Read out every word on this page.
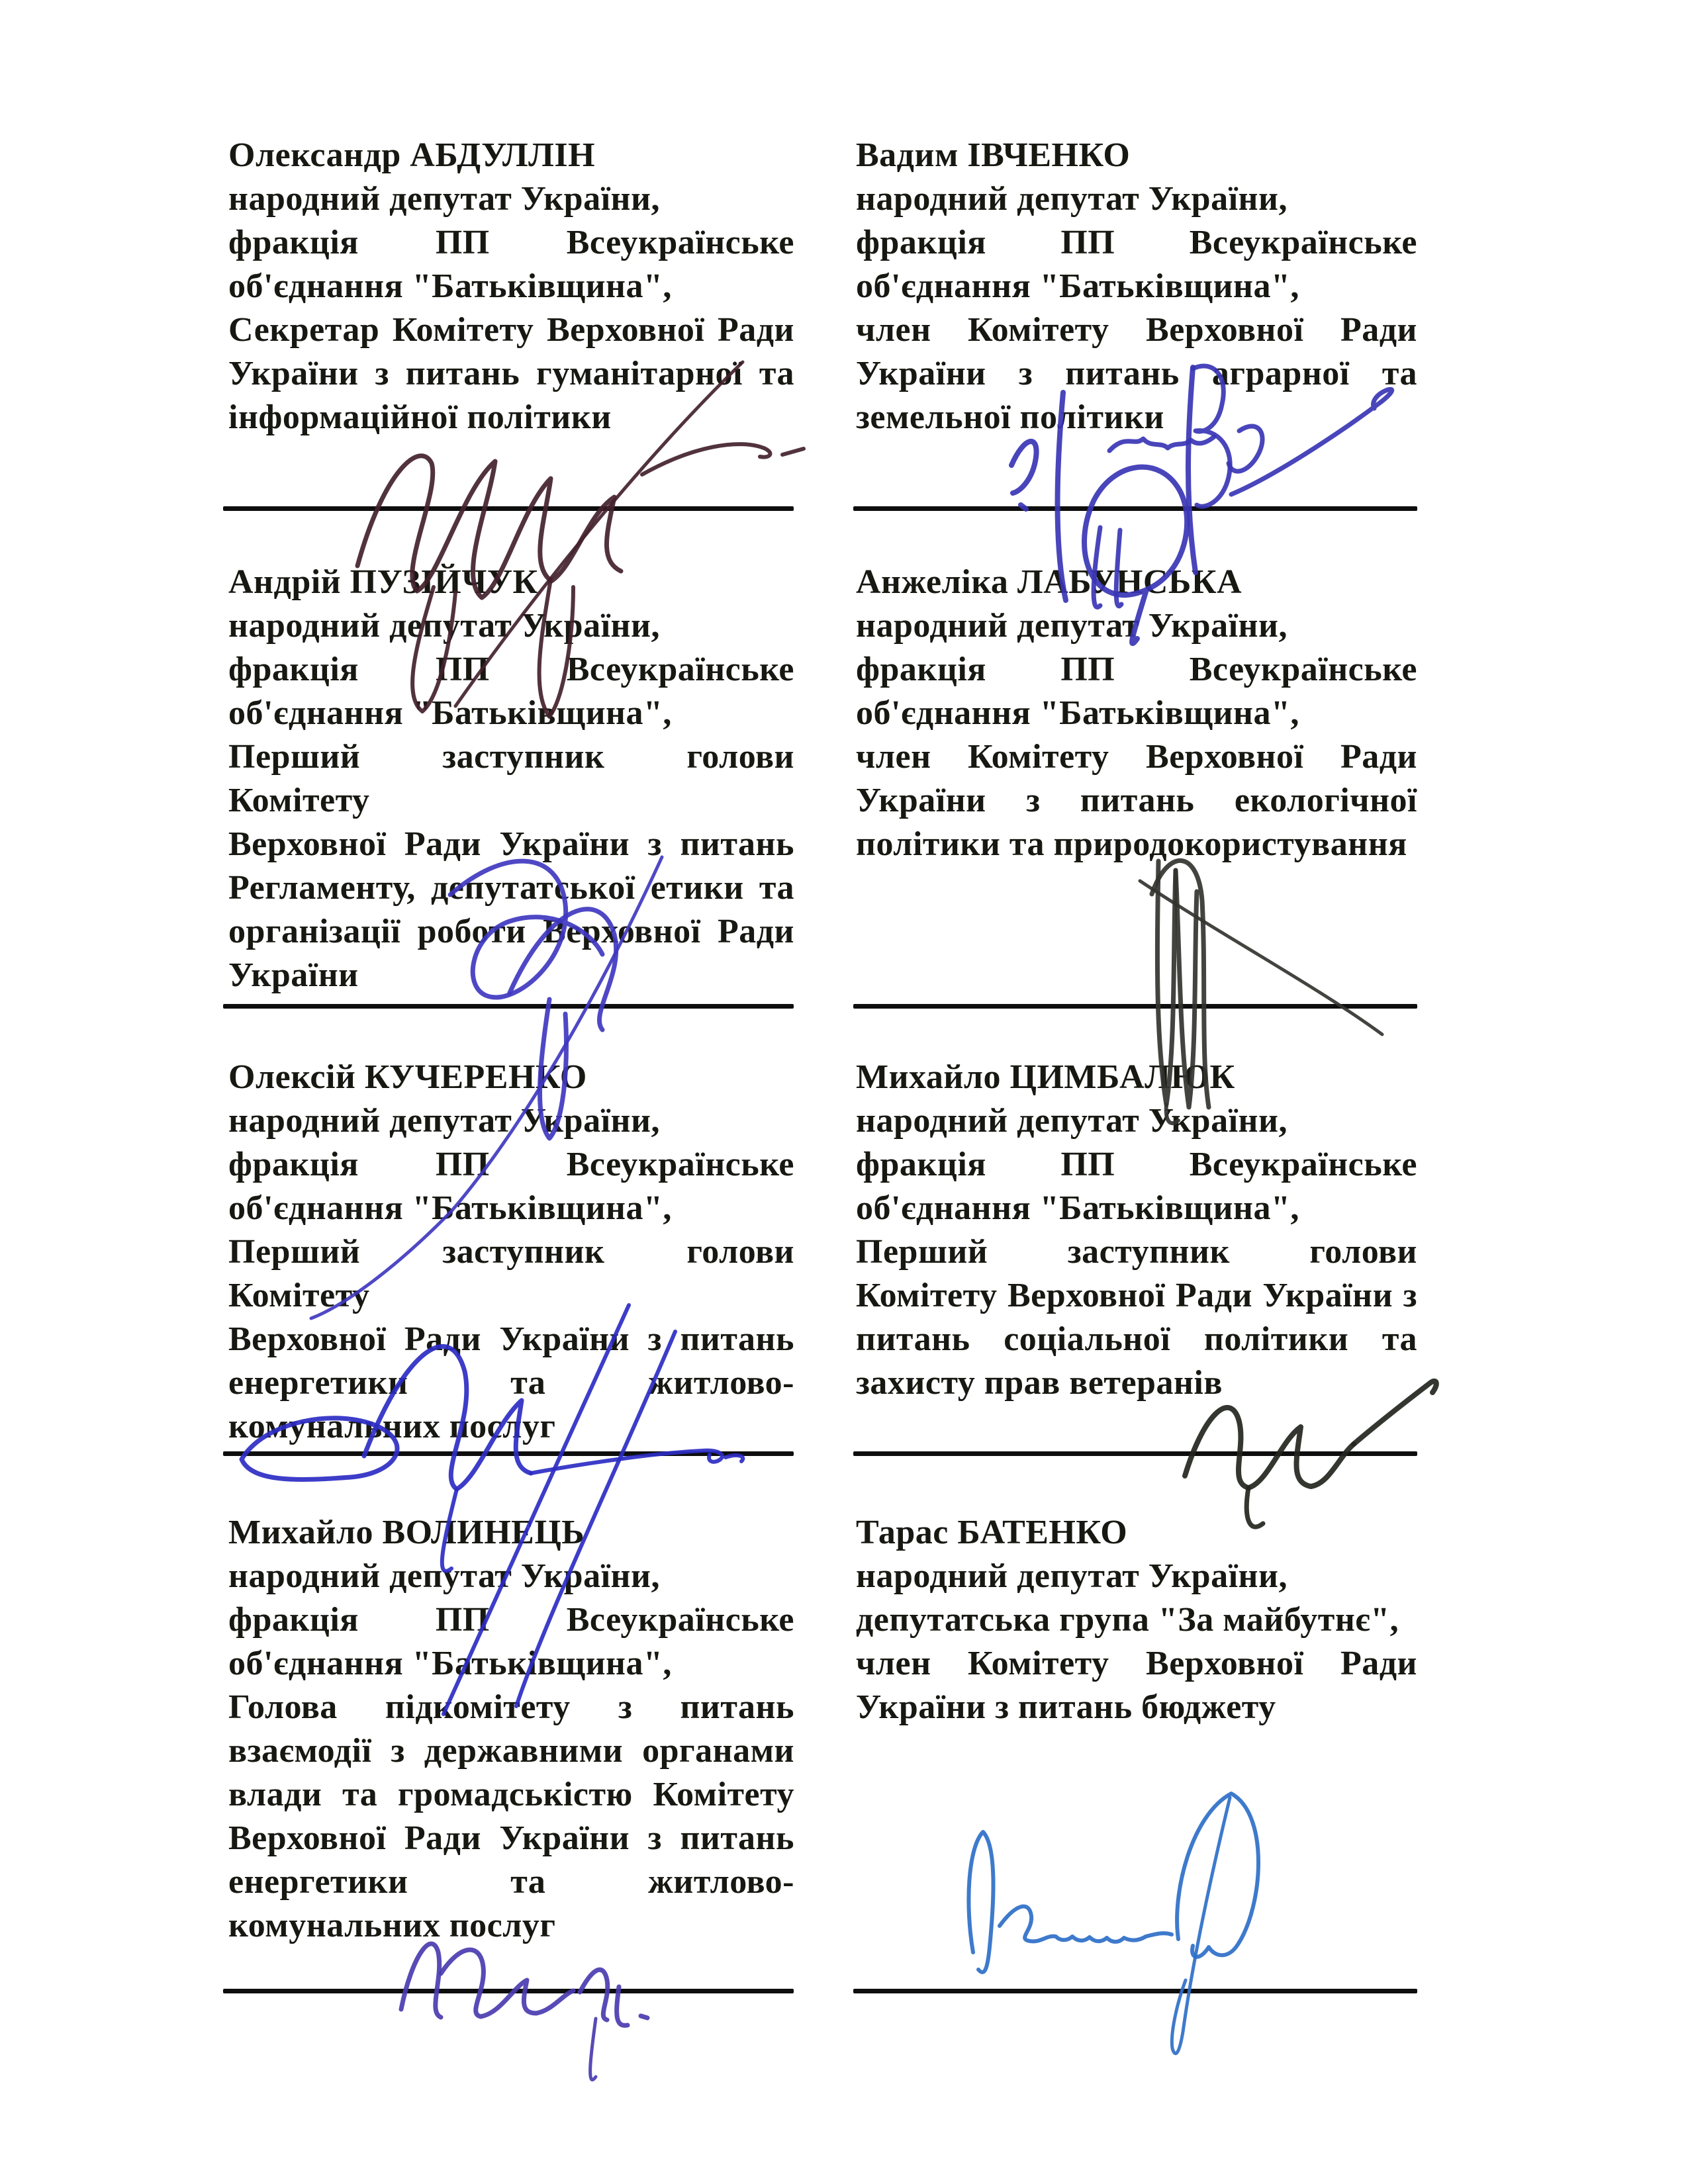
Олександр АБДУЛЛІН
народний депутат України,
фракція ПП Всеукраїнське
об'єднання "Батьківщина",
Секретар Комітету Верховної Ради
України з питань гуманітарної та
інформаційної політики
Вадим ІВЧЕНКО
народний депутат України,
фракція ПП Всеукраїнське
об'єднання "Батьківщина",
член Комітету Верховної Ради
України з питань аграрної та
земельної політики
Андрій ПУЗІЙЧУК
народний депутат України,
фракція ПП Всеукраїнське
об'єднання "Батьківщина",
Перший заступник голови Комітету
Верховної Ради України з питань
Регламенту, депутатської етики та
організації роботи Верховної Ради
України
Анжеліка ЛАБУНСЬКА
народний депутат України,
фракція ПП Всеукраїнське
об'єднання "Батьківщина",
член Комітету Верховної Ради
України з питань екологічної
політики та природокористування
Олексій КУЧЕРЕНКО
народний депутат України,
фракція ПП Всеукраїнське
об'єднання "Батьківщина",
Перший заступник голови Комітету
Верховної Ради України з питань
енергетики та житлово-
комунальних послуг
Михайло ЦИМБАЛЮК
народний депутат України,
фракція ПП Всеукраїнське
об'єднання "Батьківщина",
Перший заступник голови
Комітету Верховної Ради України з
питань соціальної політики та
захисту прав ветеранів
Михайло ВОЛИНЕЦЬ
народний депутат України,
фракція ПП Всеукраїнське
об'єднання "Батьківщина",
Голова підкомітету з питань
взаємодії з державними органами
влади та громадськістю Комітету
Верховної Ради України з питань
енергетики та житлово-
комунальних послуг
Тарас БАТЕНКО
народний депутат України,
депутатська група "За майбутнє",
член Комітету Верховної Ради
України з питань бюджету
